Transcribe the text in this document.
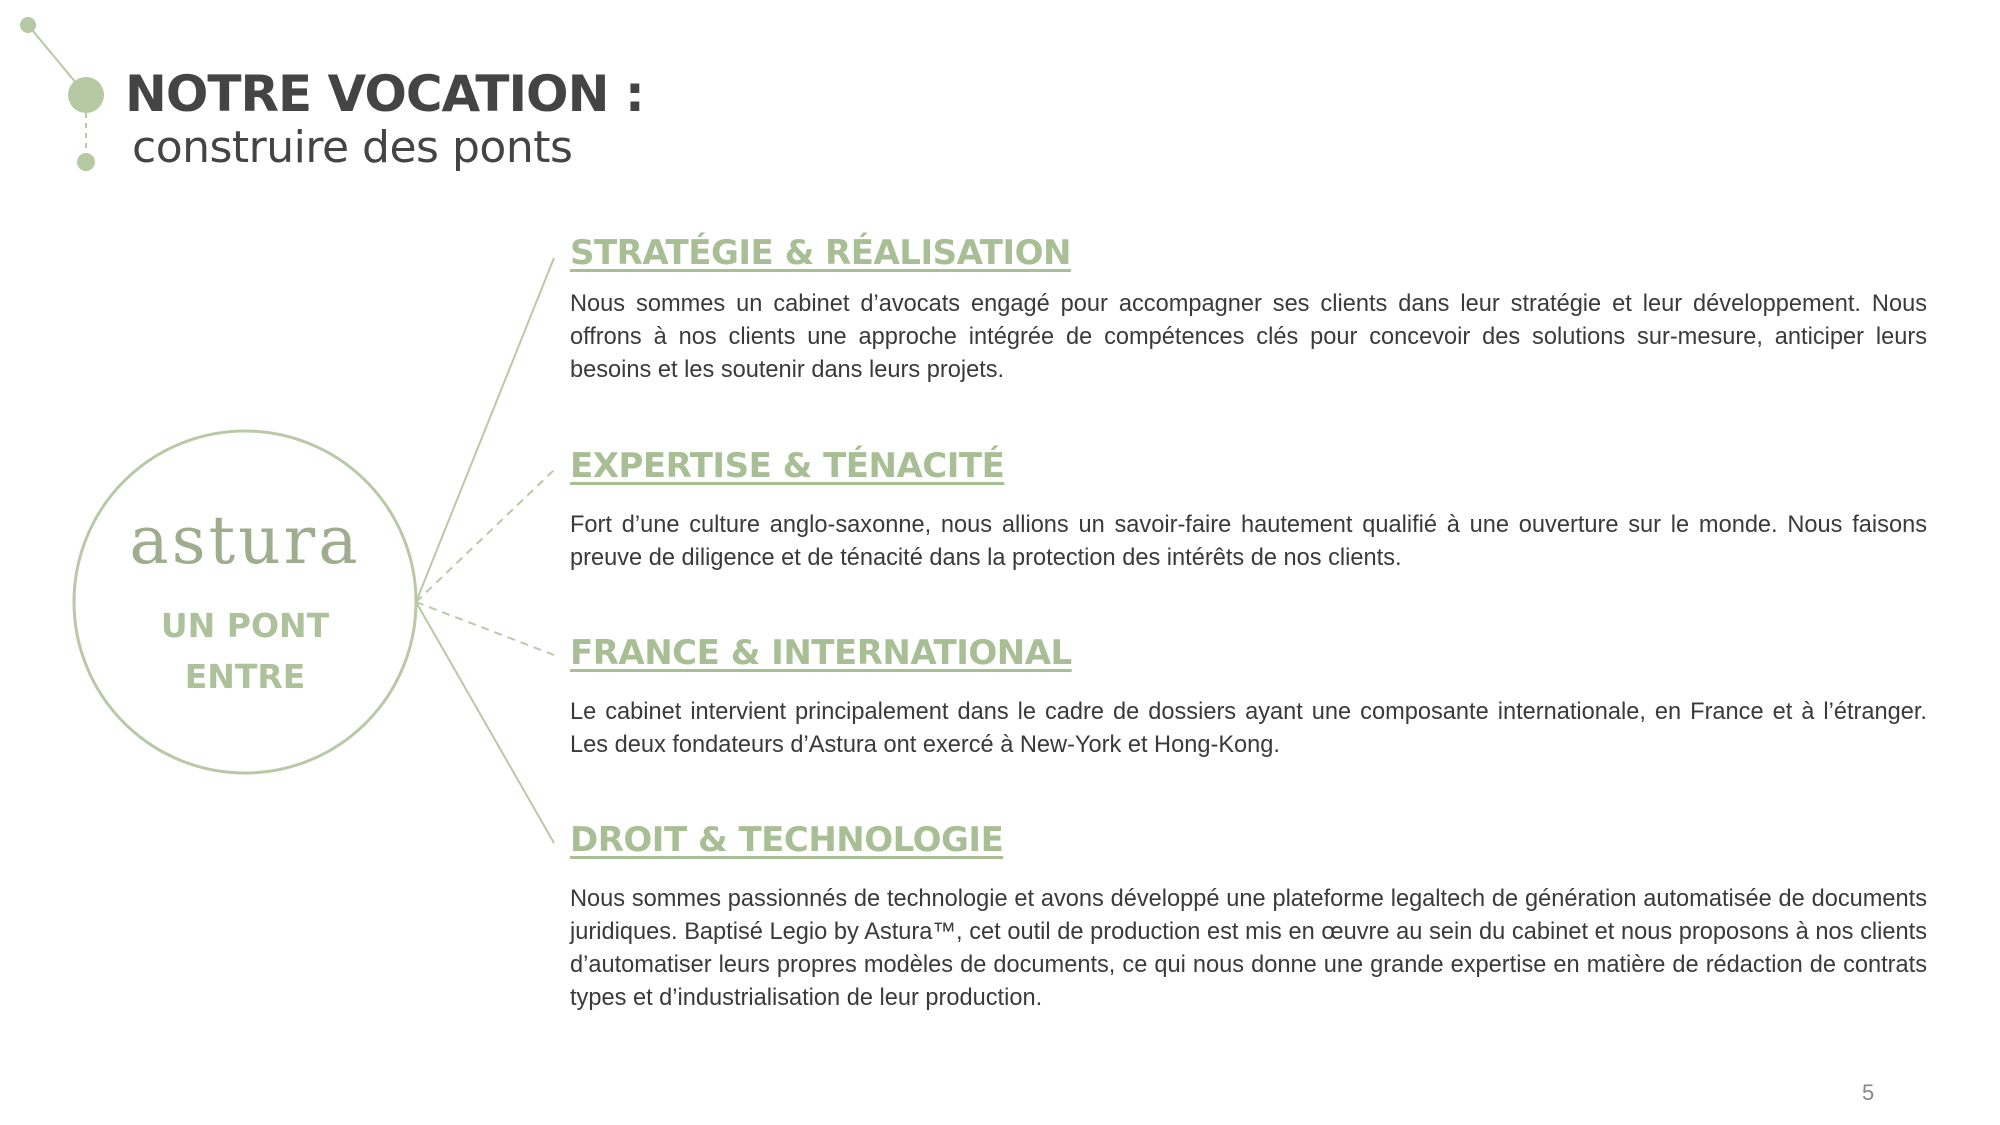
NOTRE VOCATION :
construire des ponts
astura
UN PONT
ENTRE
STRATÉGIE & RÉALISATION

Nous sommes un cabinet d’avocats engagé pour accompagner ses clients dans leur stratégie et leur développement. Nous offrons à nos clients une approche intégrée de compétences clés pour concevoir des solutions sur-mesure, anticiper leurs besoins et les soutenir dans leurs projets.

EXPERTISE & TÉNACITÉ

Fort d’une culture anglo-saxonne, nous allions un savoir-faire hautement qualifié à une ouverture sur le monde. Nous faisons preuve de diligence et de ténacité dans la protection des intérêts de nos clients.

FRANCE & INTERNATIONAL

Le cabinet intervient principalement dans le cadre de dossiers ayant une composante internationale, en France et à l’étranger. Les deux fondateurs d’Astura ont exercé à New-York et Hong-Kong.

DROIT & TECHNOLOGIE

Nous sommes passionnés de technologie et avons développé une plateforme legaltech de génération automatisée de documents juridiques. Baptisé Legio by Astura™, cet outil de production est mis en œuvre au sein du cabinet et nous proposons à nos clients d’automatiser leurs propres modèles de documents, ce qui nous donne une grande expertise en matière de rédaction de contrats types et d’industrialisation de leur production.

5
